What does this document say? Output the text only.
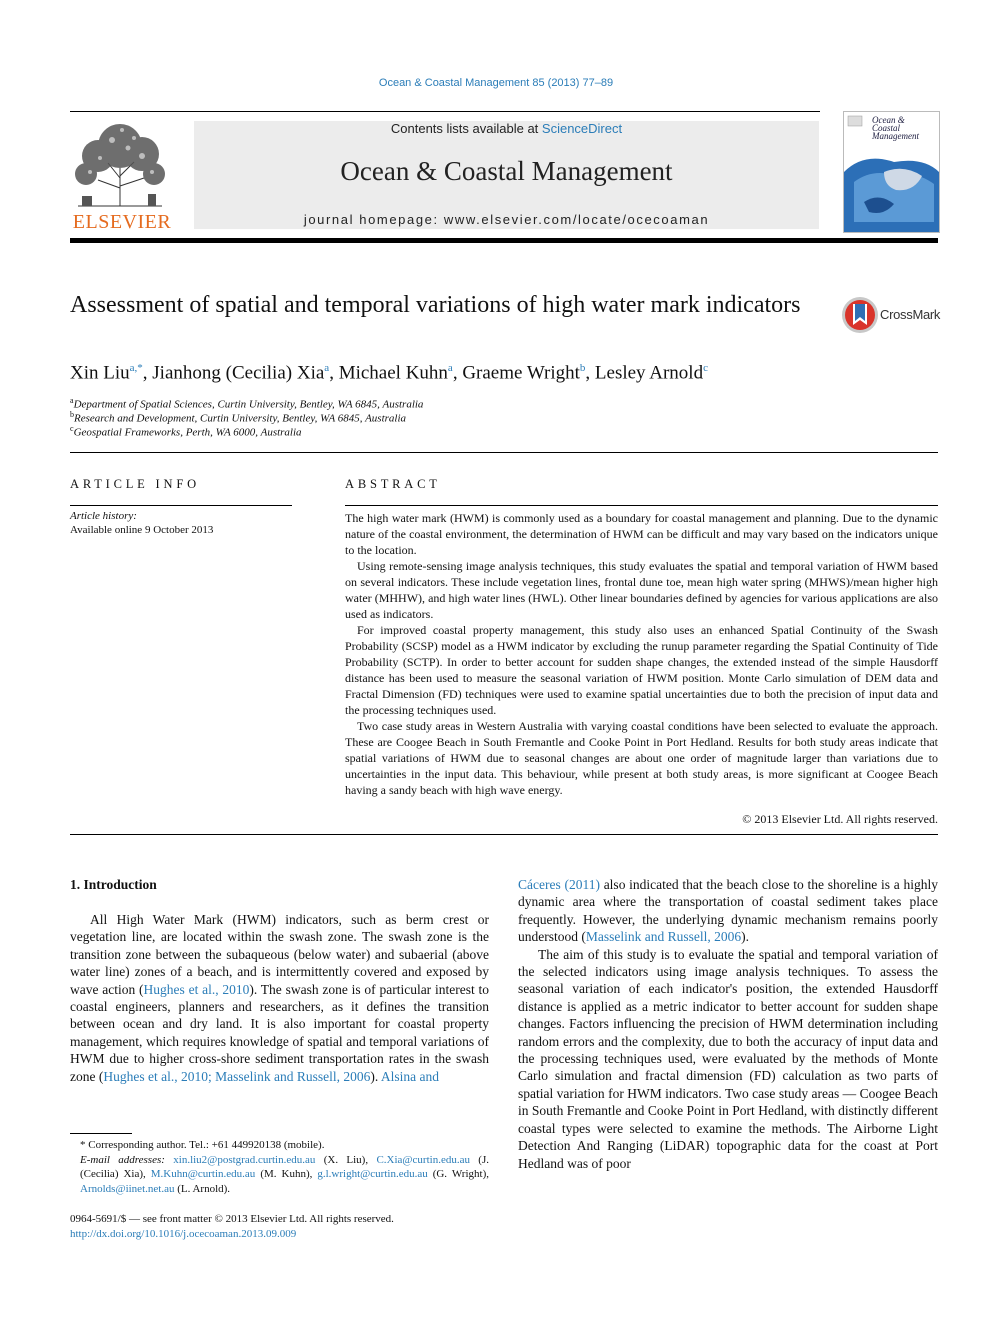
Ocean & Coastal Management 85 (2013) 77–89
ELSEVIER
Contents lists available at ScienceDirect
Ocean & Coastal Management
journal homepage: www.elsevier.com/locate/ocecoaman
Ocean &
Coastal
Management
Assessment of spatial and temporal variations of high water mark indicators	CrossMark
Xin Liu$^{a,*}$, Jianhong (Cecilia) Xia$^a$, Michael Kuhn$^a$, Graeme Wright$^b$, Lesley Arnold$^c$
$^a$Department of Spatial Sciences, Curtin University, Bentley, WA 6845, Australia
$^b$Research and Development, Curtin University, Bentley, WA 6845, Australia
$^c$Geospatial Frameworks, Perth, WA 6000, Australia
ARTICLE INFO
Article history:
Available online 9 October 2013
ABSTRACT

The high water mark (HWM) is commonly used as a boundary for coastal management and planning. Due to the dynamic nature of the coastal environment, the determination of HWM can be difficult and may vary based on the indicators unique to the location.

Using remote-sensing image analysis techniques, this study evaluates the spatial and temporal variation of HWM based on several indicators. These include vegetation lines, frontal dune toe, mean high water spring (MHWS)/mean higher high water (MHHW), and high water lines (HWL). Other linear boundaries defined by agencies for various applications are also used as indicators.

For improved coastal property management, this study also uses an enhanced Spatial Continuity of the Swash Probability (SCSP) model as a HWM indicator by excluding the runup parameter regarding the Spatial Continuity of Tide Probability (SCTP). In order to better account for sudden shape changes, the extended instead of the simple Hausdorff distance has been used to measure the seasonal variation of HWM position. Monte Carlo simulation of DEM data and Fractal Dimension (FD) techniques were used to examine spatial uncertainties due to both the precision of input data and the processing techniques used.

Two case study areas in Western Australia with varying coastal conditions have been selected to evaluate the approach. These are Coogee Beach in South Fremantle and Cooke Point in Port Hedland. Results for both study areas indicate that spatial variations of HWM due to seasonal changes are about one order of magnitude larger than variations due to uncertainties in the input data. This behaviour, while present at both study areas, is more significant at Coogee Beach having a sandy beach with high wave energy.

© 2013 Elsevier Ltd. All rights reserved.
1. Introduction

All High Water Mark (HWM) indicators, such as berm crest or vegetation line, are located within the swash zone. The swash zone is the transition zone between the subaqueous (below water) and subaerial (above water line) zones of a beach, and is intermittently covered and exposed by wave action (Hughes et al., 2010). The swash zone is of particular interest to coastal engineers, planners and researchers, as it defines the transition between ocean and dry land. It is also important for coastal property management, which requires knowledge of spatial and temporal variations of HWM due to higher cross-shore sediment transportation rates in the swash zone (Hughes et al., 2010; Masselink and Russell, 2006). Alsina and

Cáceres (2011) also indicated that the beach close to the shoreline is a highly dynamic area where the transportation of coastal sediment takes place frequently. However, the underlying dynamic mechanism remains poorly understood (Masselink and Russell, 2006).

The aim of this study is to evaluate the spatial and temporal variation of the selected indicators using image analysis techniques. To assess the seasonal variation of each indicator's position, the extended Hausdorff distance is applied as a metric indicator to better account for sudden shape changes. Factors influencing the precision of HWM determination including random errors and the complexity, due to both the accuracy of input data and the processing techniques used, were evaluated by the methods of Monte Carlo simulation and fractal dimension (FD) calculation as two parts of spatial variation for HWM indicators. Two case study areas — Coogee Beach in South Fremantle and Cooke Point in Port Hedland, with distinctly different coastal types were selected to examine the methods. The Airborne Light Detection And Ranging (LiDAR) topographic data for the coast at Port Hedland was of poor

* Corresponding author. Tel.: +61 449920138 (mobile).
E-mail addresses: xin.liu2@postgrad.curtin.edu.au (X. Liu), C.Xia@curtin.edu.au (J.(Cecilia) Xia), M.Kuhn@curtin.edu.au (M. Kuhn), g.l.wright@curtin.edu.au (G. Wright), Arnolds@iinet.net.au (L. Arnold).
0964-5691/$ — see front matter © 2013 Elsevier Ltd. All rights reserved.
http://dx.doi.org/10.1016/j.ocecoaman.2013.09.009
